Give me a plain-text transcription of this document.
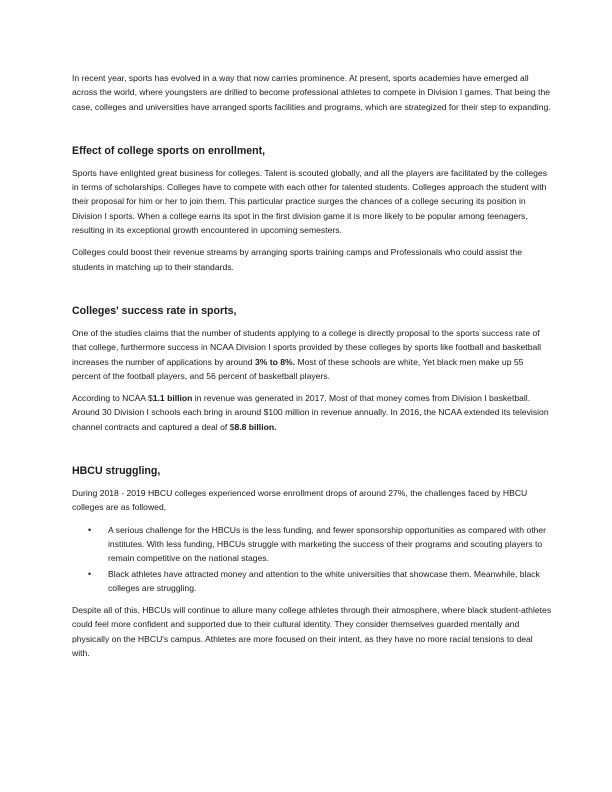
In recent year, sports has evolved in a way that now carries prominence. At present, sports academies have emerged all across the world, where youngsters are drilled to become professional athletes to compete in Division I games. That being the case, colleges and universities have arranged sports facilities and programs, which are strategized for their step to expanding.

Effect of college sports on enrollment,

Sports have enlighted great business for colleges. Talent is scouted globally, and all the players are facilitated by the colleges in terms of scholarships. Colleges have to compete with each other for talented students. Colleges approach the student with their proposal for him or her to join them. This particular practice surges the chances of a college securing its position in Division I sports. When a college earns its spot in the first division game it is more likely to be popular among teenagers, resulting in its exceptional growth encountered in upcoming semesters.

Colleges could boost their revenue streams by arranging sports training camps and Professionals who could assist the students in matching up to their standards.

Colleges' success rate in sports,

One of the studies claims that the number of students applying to a college is directly proposal to the sports success rate of that college, furthermore success in NCAA Division I sports provided by these colleges by sports like football and basketball increases the number of applications by around 3% to 8%. Most of these schools are white, Yet black men make up 55 percent of the football players, and 56 percent of basketball players.

According to NCAA $1.1 billion in revenue was generated in 2017. Most of that money comes from Division I basketball. Around 30 Division I schools each bring in around $100 million in revenue annually. In 2016, the NCAA extended its television channel contracts and captured a deal of $8.8 billion.

HBCU struggling,

During 2018 - 2019 HBCU colleges experienced worse enrollment drops of around 27%, the challenges faced by HBCU colleges are as followed,

• A serious challenge for the HBCUs is the less funding, and fewer sponsorship opportunities as compared with other institutes. With less funding, HBCUs struggle with marketing the success of their programs and scouting players to remain competitive on the national stages.
• Black athletes have attracted money and attention to the white universities that showcase them. Meanwhile, black colleges are struggling.

Despite all of this, HBCUs will continue to allure many college athletes through their atmosphere, where black student-athletes could feel more confident and supported due to their cultural identity. They consider themselves guarded mentally and physically on the HBCU's campus. Athletes are more focused on their intent, as they have no more racial tensions to deal with.
